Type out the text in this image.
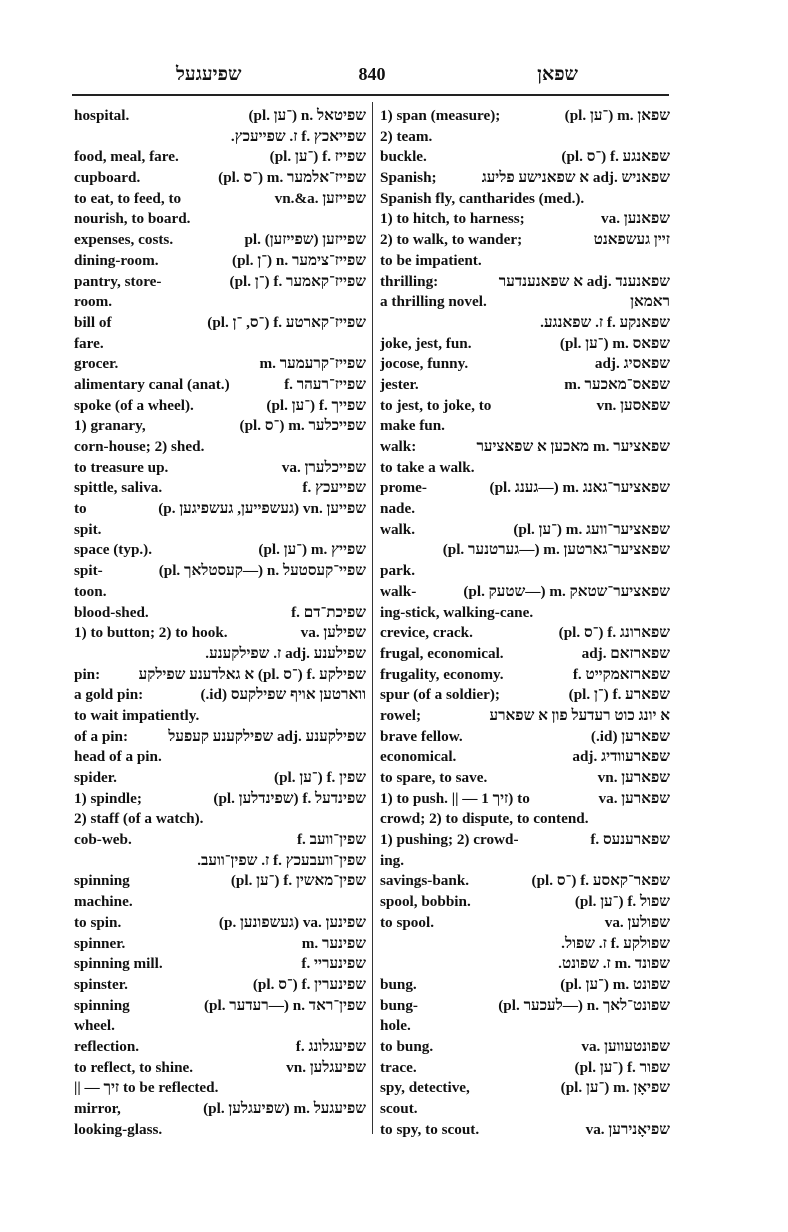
שפיעגעל	840	שפאן
hospital.	שפיטאל .n (־ען .pl)
שפייאכץ .f ז. שפייעכץ.
food, meal, fare.	שפייז .f (־ען .pl)
cupboard.	שפייז־אלמער .m (־ס .pl)
to eat, to feed, to	שפייזען .vn.&a
nourish, to board.
expenses, costs.	שפייזען (שפייזען) .pl
dining-room.	שפייז־צימער .n (־ן .pl)
pantry, store-	שפייז־קאמער .f (־ן .pl)
room.
bill of	שפייז־קארטע .f (־ס, ־ן .pl)
fare.
grocer.	שפייז־קרעמער .m
alimentary canal (anat.)	שפייז־רעהר .f
spoke (of a wheel).	שפייך .f (־ען .pl)
1) granary,	שפייכלער .m (־ס .pl)
corn-house; 2) shed.
to treasure up.	שפייכלערן .va
spittle, saliva.	שפייעכץ .f
to	שפייען .vn (געשפייען, געשפיגען .p)
spit.
space (typ.).	שפייץ .m (־ען .pl)
spit-	שפיי־קעסטעל .n (—קעסטלאך .pl)
toon.
blood-shed.	שפיכת־דם .f
1) to button; 2) to hook.	שפילען .va
שפילענע .adj ז. שפילקענע.
pin:	שפילקע .f (־ס .pl) א גאלדענע שפילקע
a gold pin:	ווארטען אויף שפילקעס (id.)
to wait impatiently.
of a pin:	שפילקענע .adj שפילקענע קעפעל
head of a pin.
spider.	שפין .f (־ען .pl)
1) spindle;	שפינדעל .f (שפינדלען .pl)
2) staff (of a watch).
cob-web.	שפין־וועב .f
שפין־וועבעכץ .f ז. שפין־וועב.
spinning	שפין־מאשין .f (־ען .pl)
machine.
to spin.	שפינען .va (געשפונען .p)
spinner.	שפינער .m
spinning mill.	שפינעריי .f
spinster.	שפינערין .f (־ס .pl)
spinning	שפין־ראד .n (—רעדער .pl)
wheel.
reflection.	שפיעגלונג .f
to reflect, to shine.	שפיעגלען .vn
|| — זיך to be reflected.
mirror,	שפיעגעל .m (שפיעגלען .pl)
looking-glass.
1) span (measure);	שפאן .m (־ען .pl)
2) team.
buckle.	שפאנגע .f (־ס .pl)
Spanish;	שפאניש .adj א שפאנישע פליעג
Spanish fly, cantharides (med.).
1) to hitch, to harness;	שפאנען .va
2) to walk, to wander;	זיין געשפאנט
to be impatient.
thrilling:	שפאנענד .adj א שפאנענדער
a thrilling novel.	ראמאן
שפאנקע .f ז. שפאנגע.
joke, jest, fun.	שפאס .m (־ען .pl)
jocose, funny.	שפאסיג .adj
jester.	שפאס־מאכער .m
to jest, to joke, to	שפאסען .vn
make fun.
walk:	שפאציער .m מאכען א שפאציער
to take a walk.
prome-	שפאציער־גאנג .m (—גענג .pl)
nade.
walk.	שפאציער־וועג .m (־ען .pl)
שפאציער־גארטען .m (—גערטנער .pl)
park.
walk-	שפאציער־שטאק .m (—שטעק .pl)
ing-stick, walking-cane.
crevice, crack.	שפארונג .f (־ס .pl)
frugal, economical.	שפארזאם .adj
frugality, economy.	שפארזאמקייט .f
spur (of a soldier);	שפארע .f (־ן .pl)
rowel;	א יונג כוט רעדעל פון א שפארע
brave fellow.	שפארען (id.)
economical.	שפארעוודיג .adj
to spare, to save.	שפארען .vn
1) to push. || — זיך 1) to	שפארען .va
crowd; 2) to dispute, to contend.
1) pushing; 2) crowd-	שפארענעס .f
ing.
savings-bank.	שפאר־קאסע .f (־ס .pl)
spool, bobbin.	שפול .f (־ען .pl)
to spool.	שפולען .va
שפולקע .f ז. שפול.
שפונד .m ז. שפונט.
bung.	שפונט .m (־ען .pl)
bung-	שפונט־לאך .n (—לעכער .pl)
hole.
to bung.	שפונטעווען .va
trace.	שפור .f (־ען .pl)
spy, detective,	שפיאָן .m (־ען .pl)
scout.
to spy, to scout.	שפיאָנירען .va
